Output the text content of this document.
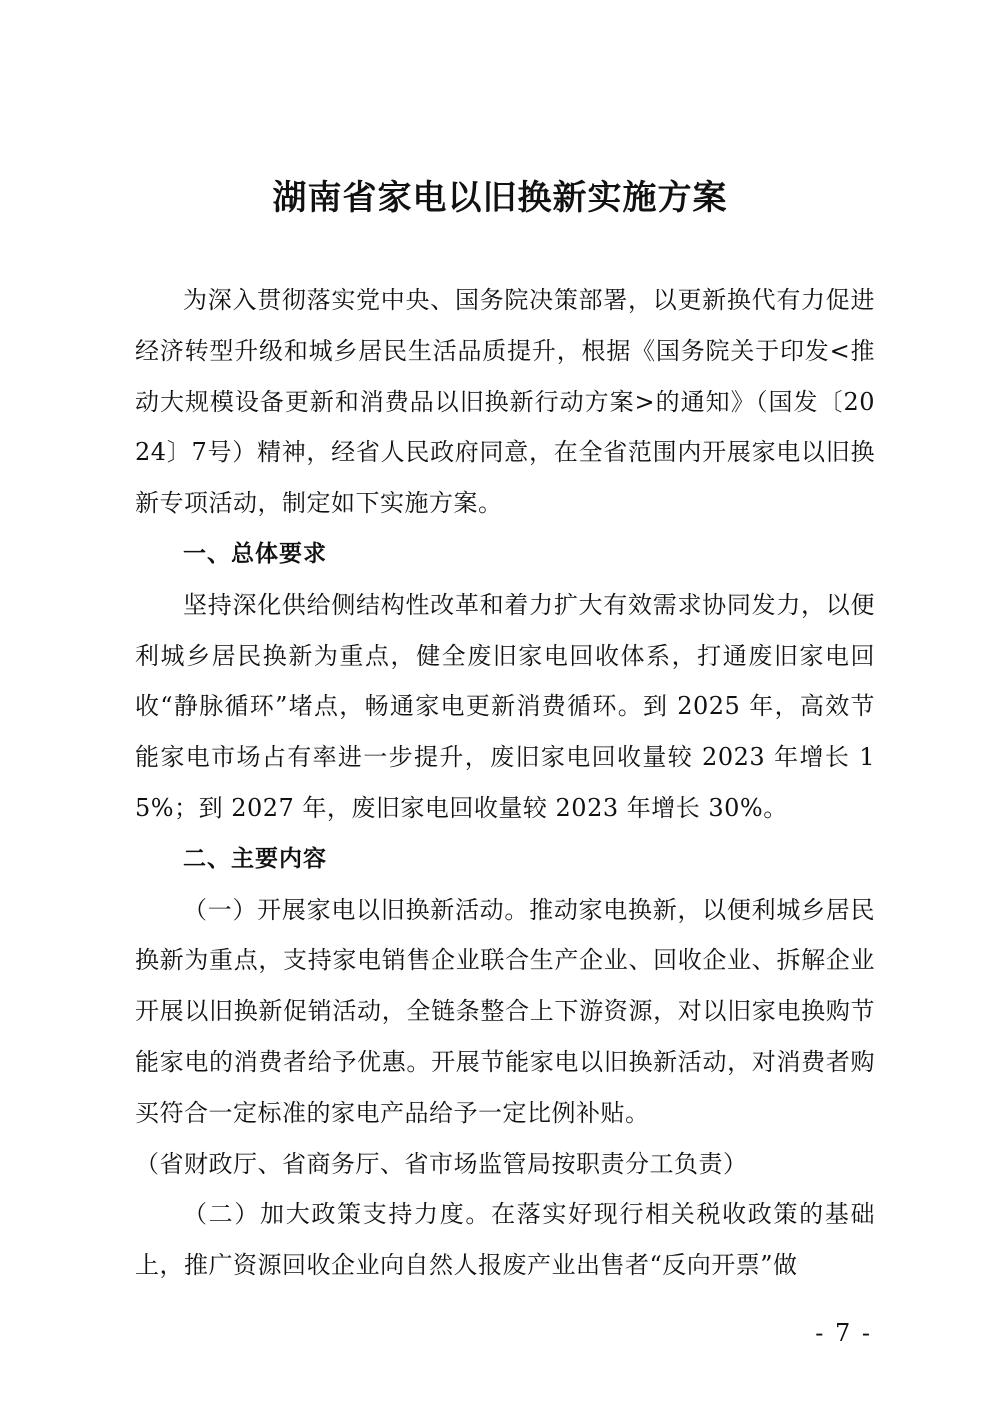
湖南省家电以旧换新实施方案

为深入贯彻落实党中央、国务院决策部署，以更新换代有力促进经济转型升级和城乡居民生活品质提升，根据《国务院关于印发<推动大规模设备更新和消费品以旧换新行动方案>的通知》（国发〔2024〕7号）精神，经省人民政府同意，在全省范围内开展家电以旧换新专项活动，制定如下实施方案。

一、总体要求

坚持深化供给侧结构性改革和着力扩大有效需求协同发力，以便利城乡居民换新为重点，健全废旧家电回收体系，打通废旧家电回收“静脉循环”堵点，畅通家电更新消费循环。到 2025 年，高效节能家电市场占有率进一步提升，废旧家电回收量较 2023 年增长 15%；到 2027 年，废旧家电回收量较 2023 年增长 30%。

二、主要内容

（一）开展家电以旧换新活动。推动家电换新，以便利城乡居民换新为重点，支持家电销售企业联合生产企业、回收企业、拆解企业开展以旧换新促销活动，全链条整合上下游资源，对以旧家电换购节能家电的消费者给予优惠。开展节能家电以旧换新活动，对消费者购买符合一定标准的家电产品给予一定比例补贴。

（省财政厅、省商务厅、省市场监管局按职责分工负责）

（二）加大政策支持力度。在落实好现行相关税收政策的基础上，推广资源回收企业向自然人报废产业出售者“反向开票”做

- 7 -
